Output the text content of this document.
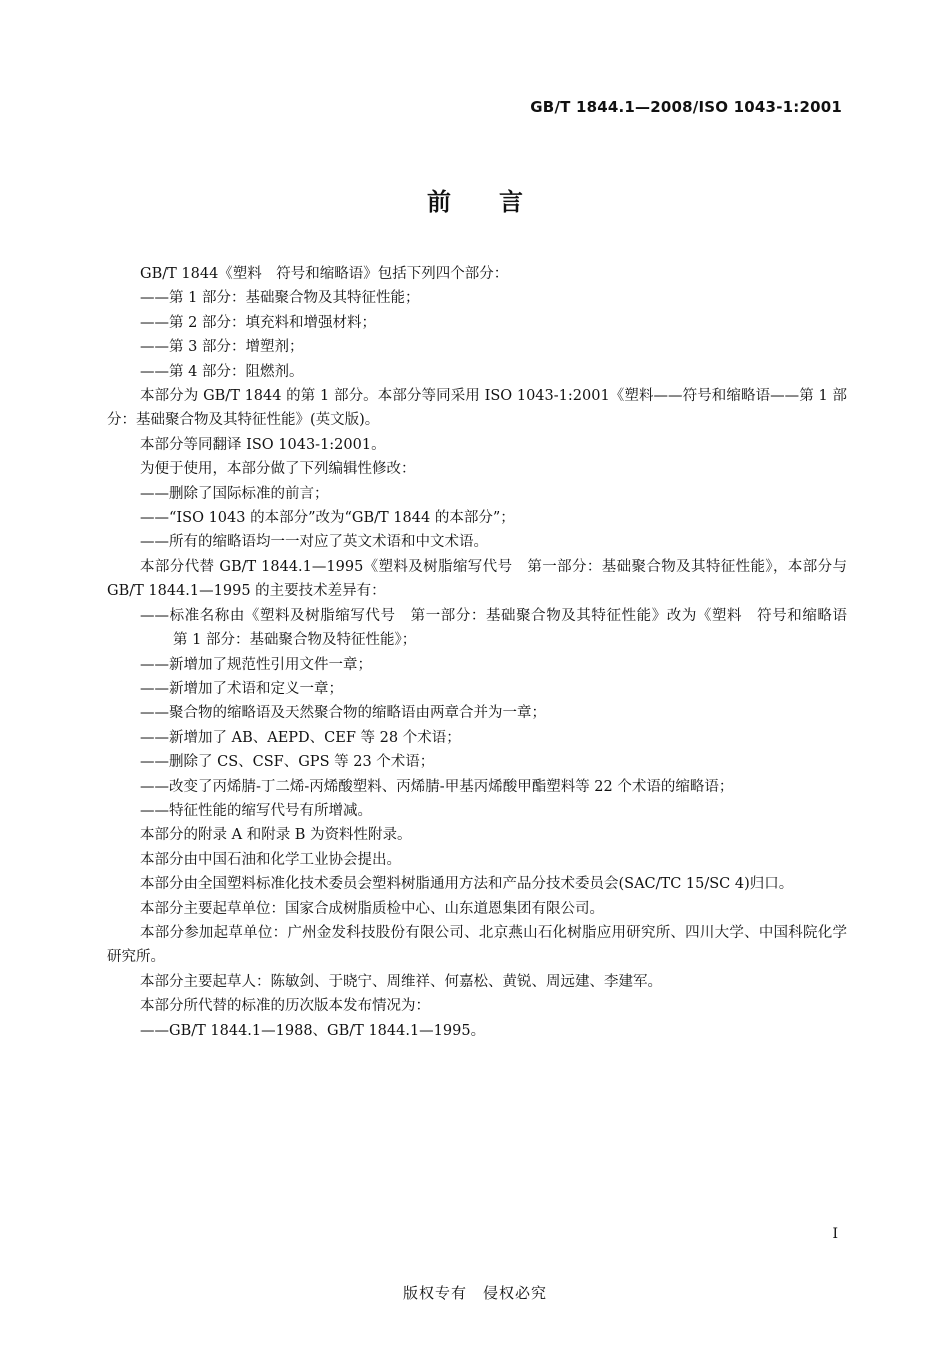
GB/T 1844.1—2008/ISO 1043-1:2001
前言

GB/T 1844《塑料　符号和缩略语》包括下列四个部分：

——第 1 部分：基础聚合物及其特征性能；

——第 2 部分：填充料和增强材料；

——第 3 部分：增塑剂；

——第 4 部分：阻燃剂。

本部分为 GB/T 1844 的第 1 部分。本部分等同采用 ISO 1043-1:2001《塑料——符号和缩略语——第 1 部分：基础聚合物及其特征性能》(英文版)。

本部分等同翻译 ISO 1043-1:2001。

为便于使用，本部分做了下列编辑性修改：

——删除了国际标准的前言；

——“ISO 1043 的本部分”改为“GB/T 1844 的本部分”；

——所有的缩略语均一一对应了英文术语和中文术语。

本部分代替 GB/T 1844.1—1995《塑料及树脂缩写代号　第一部分：基础聚合物及其特征性能》，本部分与 GB/T 1844.1—1995 的主要技术差异有：

——标准名称由《塑料及树脂缩写代号　第一部分：基础聚合物及其特征性能》改为《塑料　符号和缩略语　第 1 部分：基础聚合物及特征性能》；

——新增加了规范性引用文件一章；

——新增加了术语和定义一章；

——聚合物的缩略语及天然聚合物的缩略语由两章合并为一章；

——新增加了 AB、AEPD、CEF 等 28 个术语；

——删除了 CS、CSF、GPS 等 23 个术语；

——改变了丙烯腈-丁二烯-丙烯酸塑料、丙烯腈-甲基丙烯酸甲酯塑料等 22 个术语的缩略语；

——特征性能的缩写代号有所增减。

本部分的附录 A 和附录 B 为资料性附录。

本部分由中国石油和化学工业协会提出。

本部分由全国塑料标准化技术委员会塑料树脂通用方法和产品分技术委员会(SAC/TC 15/SC 4)归口。

本部分主要起草单位：国家合成树脂质检中心、山东道恩集团有限公司。

本部分参加起草单位：广州金发科技股份有限公司、北京燕山石化树脂应用研究所、四川大学、中国科院化学研究所。

本部分主要起草人：陈敏剑、于晓宁、周维祥、何嘉松、黄锐、周远建、李建军。

本部分所代替的标准的历次版本发布情况为：

——GB/T 1844.1—1988、GB/T 1844.1—1995。

I
版权专有　侵权必究
